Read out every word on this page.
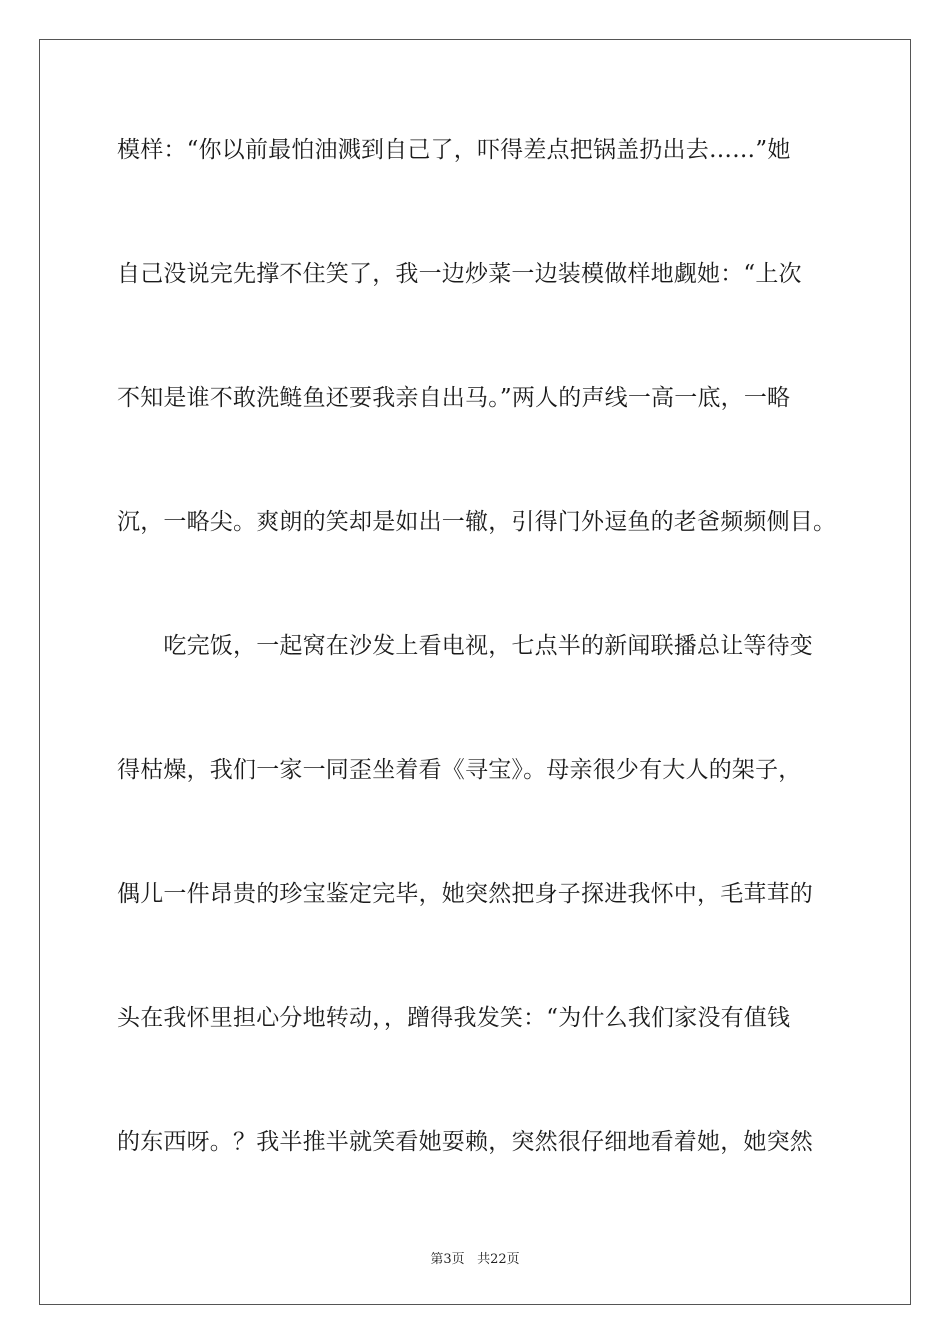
模样：“你以前最怕油溅到自己了，吓得差点把锅盖扔出去……”她
自己没说完先撑不住笑了，我一边炒菜一边装模做样地觑她：“上次
不知是谁不敢洗鲢鱼还要我亲自出马。”两人的声线一高一底，一略
沉，一略尖。爽朗的笑却是如出一辙，引得门外逗鱼的老爸频频侧目。
　　吃完饭，一起窝在沙发上看电视，七点半的新闻联播总让等待变
得枯燥，我们一家一同歪坐着看《寻宝》。母亲很少有大人的架子，
偶儿一件昂贵的珍宝鉴定完毕，她突然把身子探进我怀中，毛茸茸的
头在我怀里担心分地转动，，蹭得我发笑：“为什么我们家没有值钱
的东西呀。？我半推半就笑看她耍赖，突然很仔细地看着她，她突然
第3页 共22页
